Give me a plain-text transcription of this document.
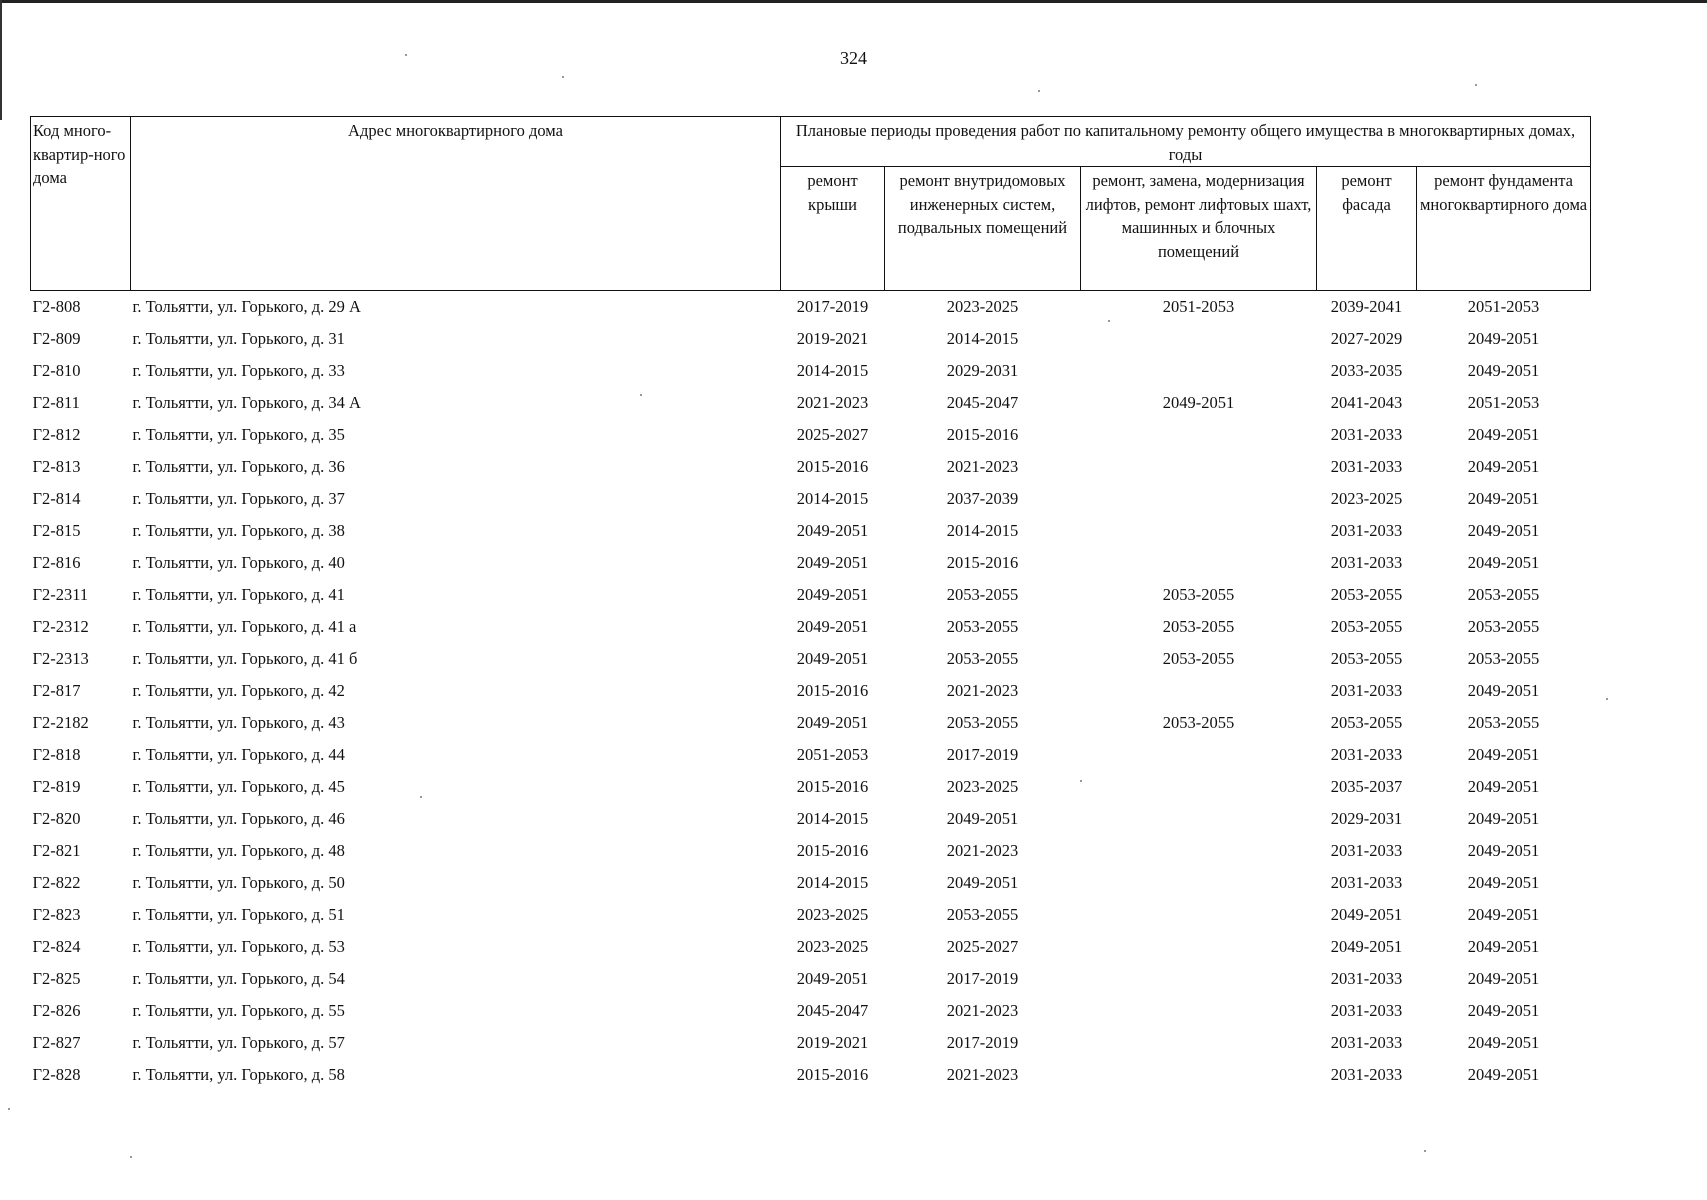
324
Код много-квартир-ного дома	Адрес многоквартирного дома	Плановые периоды проведения работ по капитальному ремонту общего имущества в многоквартирных домах, годы				
		ремонт крыши	ремонт внутридомовых инженерных систем, подвальных помещений	ремонт, замена, модернизация лифтов, ремонт лифтовых шахт, машинных и блочных помещений	ремонт фасада	ремонт фундамента многоквартирного дома
Г2-808	г. Тольятти, ул. Горького, д. 29 А	2017-2019	2023-2025	2051-2053	2039-2041	2051-2053
Г2-809	г. Тольятти, ул. Горького, д. 31	2019-2021	2014-2015		2027-2029	2049-2051
Г2-810	г. Тольятти, ул. Горького, д. 33	2014-2015	2029-2031		2033-2035	2049-2051
Г2-811	г. Тольятти, ул. Горького, д. 34 А	2021-2023	2045-2047	2049-2051	2041-2043	2051-2053
Г2-812	г. Тольятти, ул. Горького, д. 35	2025-2027	2015-2016		2031-2033	2049-2051
Г2-813	г. Тольятти, ул. Горького, д. 36	2015-2016	2021-2023		2031-2033	2049-2051
Г2-814	г. Тольятти, ул. Горького, д. 37	2014-2015	2037-2039		2023-2025	2049-2051
Г2-815	г. Тольятти, ул. Горького, д. 38	2049-2051	2014-2015		2031-2033	2049-2051
Г2-816	г. Тольятти, ул. Горького, д. 40	2049-2051	2015-2016		2031-2033	2049-2051
Г2-2311	г. Тольятти, ул. Горького, д. 41	2049-2051	2053-2055	2053-2055	2053-2055	2053-2055
Г2-2312	г. Тольятти, ул. Горького, д. 41 а	2049-2051	2053-2055	2053-2055	2053-2055	2053-2055
Г2-2313	г. Тольятти, ул. Горького, д. 41 б	2049-2051	2053-2055	2053-2055	2053-2055	2053-2055
Г2-817	г. Тольятти, ул. Горького, д. 42	2015-2016	2021-2023		2031-2033	2049-2051
Г2-2182	г. Тольятти, ул. Горького, д. 43	2049-2051	2053-2055	2053-2055	2053-2055	2053-2055
Г2-818	г. Тольятти, ул. Горького, д. 44	2051-2053	2017-2019		2031-2033	2049-2051
Г2-819	г. Тольятти, ул. Горького, д. 45	2015-2016	2023-2025		2035-2037	2049-2051
Г2-820	г. Тольятти, ул. Горького, д. 46	2014-2015	2049-2051		2029-2031	2049-2051
Г2-821	г. Тольятти, ул. Горького, д. 48	2015-2016	2021-2023		2031-2033	2049-2051
Г2-822	г. Тольятти, ул. Горького, д. 50	2014-2015	2049-2051		2031-2033	2049-2051
Г2-823	г. Тольятти, ул. Горького, д. 51	2023-2025	2053-2055		2049-2051	2049-2051
Г2-824	г. Тольятти, ул. Горького, д. 53	2023-2025	2025-2027		2049-2051	2049-2051
Г2-825	г. Тольятти, ул. Горького, д. 54	2049-2051	2017-2019		2031-2033	2049-2051
Г2-826	г. Тольятти, ул. Горького, д. 55	2045-2047	2021-2023		2031-2033	2049-2051
Г2-827	г. Тольятти, ул. Горького, д. 57	2019-2021	2017-2019		2031-2033	2049-2051
Г2-828	г. Тольятти, ул. Горького, д. 58	2015-2016	2021-2023		2031-2033	2049-2051
